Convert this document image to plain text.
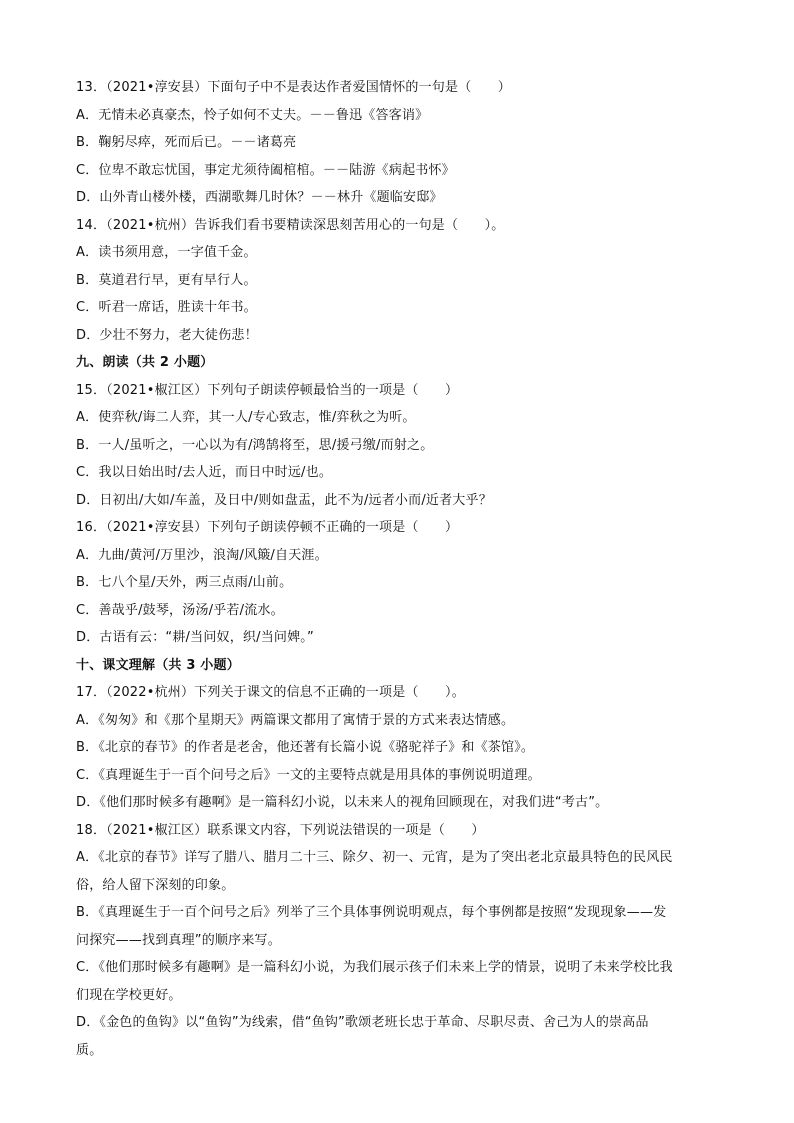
13．（2021•淳安县）下面句子中不是表达作者爱国情怀的一句是（　　）
A．无情未必真豪杰，怜子如何不丈夫。－－鲁迅《答客诮》
B．鞠躬尽瘁，死而后已。－－诸葛亮
C．位卑不敢忘忧国，事定尤须待阖棺棺。－－陆游《病起书怀》
D．山外青山楼外楼，西湖歌舞几时休？－－林升《题临安邸》
14．（2021•杭州）告诉我们看书要精读深思刻苦用心的一句是（　　）。
A．读书须用意，一字值千金。
B．莫道君行早，更有早行人。
C．听君一席话，胜读十年书。
D．少壮不努力，老大徒伤悲！
九、朗读（共 2 小题）
15．（2021•椒江区）下列句子朗读停顿最恰当的一项是（　　）
A．使弈秋/诲二人弈，其一人/专心致志，惟/弈秋之为听。
B．一人/虽听之，一心以为有/鸿鹄将至，思/援弓缴/而射之。
C．我以日始出时/去人近，而日中时远/也。
D．日初出/大如/车盖，及日中/则如盘盂，此不为/远者小而/近者大乎？
16．（2021•淳安县）下列句子朗读停顿不正确的一项是（　　）
A．九曲/黄河/万里沙，浪淘/风簸/自天涯。
B．七八个星/天外，两三点雨/山前。
C．善哉乎/鼓琴，汤汤/乎若/流水。
D．古语有云：“耕/当问奴，织/当问婢。”
十、课文理解（共 3 小题）
17．（2022•杭州）下列关于课文的信息不正确的一项是（　　）。
A．《匆匆》和《那个星期天》两篇课文都用了寓情于景的方式来表达情感。
B．《北京的春节》的作者是老舍，他还著有长篇小说《骆驼祥子》和《茶馆》。
C．《真理诞生于一百个问号之后》一文的主要特点就是用具体的事例说明道理。
D．《他们那时候多有趣啊》是一篇科幻小说，以未来人的视角回顾现在，对我们进“考古”。
18．（2021•椒江区）联系课文内容，下列说法错误的一项是（　　）
A．《北京的春节》详写了腊八、腊月二十三、除夕、初一、元宵，是为了突出老北京最具特色的民风民
俗，给人留下深刻的印象。
B．《真理诞生于一百个问号之后》列举了三个具体事例说明观点，每个事例都是按照“发现现象——发
问探究——找到真理”的顺序来写。
C．《他们那时候多有趣啊》是一篇科幻小说，为我们展示孩子们未来上学的情景，说明了未来学校比我
们现在学校更好。
D．《金色的鱼钩》以“鱼钩”为线索，借“鱼钩”歌颂老班长忠于革命、尽职尽责、舍己为人的崇高品
质。
